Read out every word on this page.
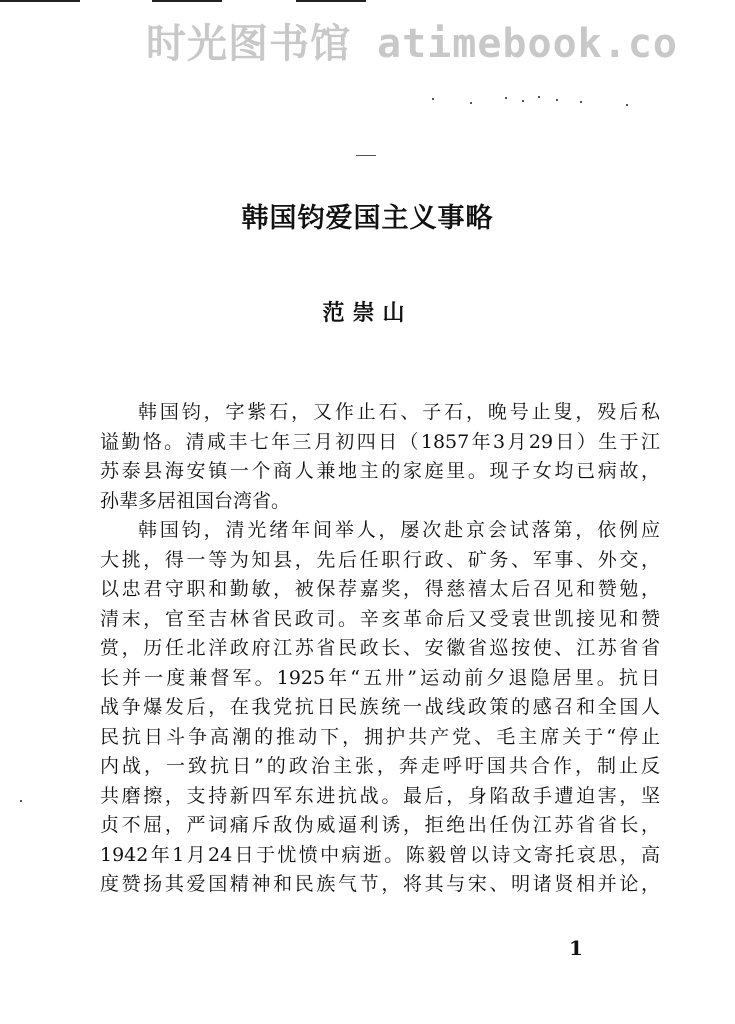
时光图书馆 atimebook.co
韩国钧爱国主义事略
范崇山
韩国钧，字紫石，又作止石、子石，晚号止叟，殁后私
谥勤恪。清咸丰七年三月初四日（1857年3月29日）生于江
苏泰县海安镇一个商人兼地主的家庭里。现子女均已病故，
孙辈多居祖国台湾省。
韩国钧，清光绪年间举人，屡次赴京会试落第，依例应
大挑，得一等为知县，先后任职行政、矿务、军事、外交，
以忠君守职和勤敏，被保荐嘉奖，得慈禧太后召见和赞勉，
清末，官至吉林省民政司。辛亥革命后又受袁世凯接见和赞
赏，历任北洋政府江苏省民政长、安徽省巡按使、江苏省省
长并一度兼督军。1925年“五卅”运动前夕退隐居里。抗日
战争爆发后，在我党抗日民族统一战线政策的感召和全国人
民抗日斗争高潮的推动下，拥护共产党、毛主席关于“停止
内战，一致抗日”的政治主张，奔走呼吁国共合作，制止反
共磨擦，支持新四军东进抗战。最后，身陷敌手遭迫害，坚
贞不屈，严词痛斥敌伪威逼利诱，拒绝出任伪江苏省省长，
1942年1月24日于忧愤中病逝。陈毅曾以诗文寄托哀思，高
度赞扬其爱国精神和民族气节，将其与宋、明诸贤相并论，
1
